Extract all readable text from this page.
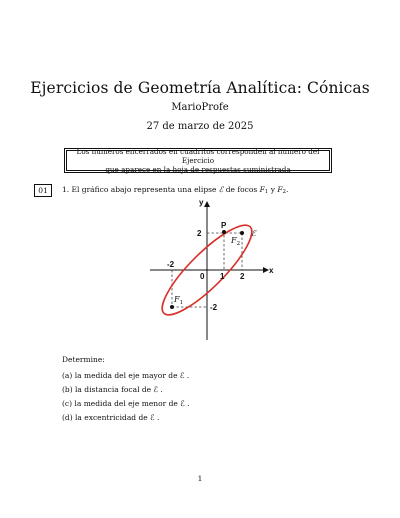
Ejercicios de Geometría Analítica: Cónicas
MarioProfe
27 de marzo de 2025
Los números encerrados en cuadritos corresponden al número del Ejercicio
que aparece en la hoja de respuestas suministrada
01	1. El gráfico abajo representa una elipse ℰ de focos F1 y F2.
y
x
-2
2
1 2
0
-2
P
$F_2$
$F_1$
ℰ
Determine:
(a) la medida del eje mayor de ℰ .
(b) la distancia focal de ℰ .
(c) la medida del eje menor de ℰ .
(d) la excentricidad de ℰ .
1
